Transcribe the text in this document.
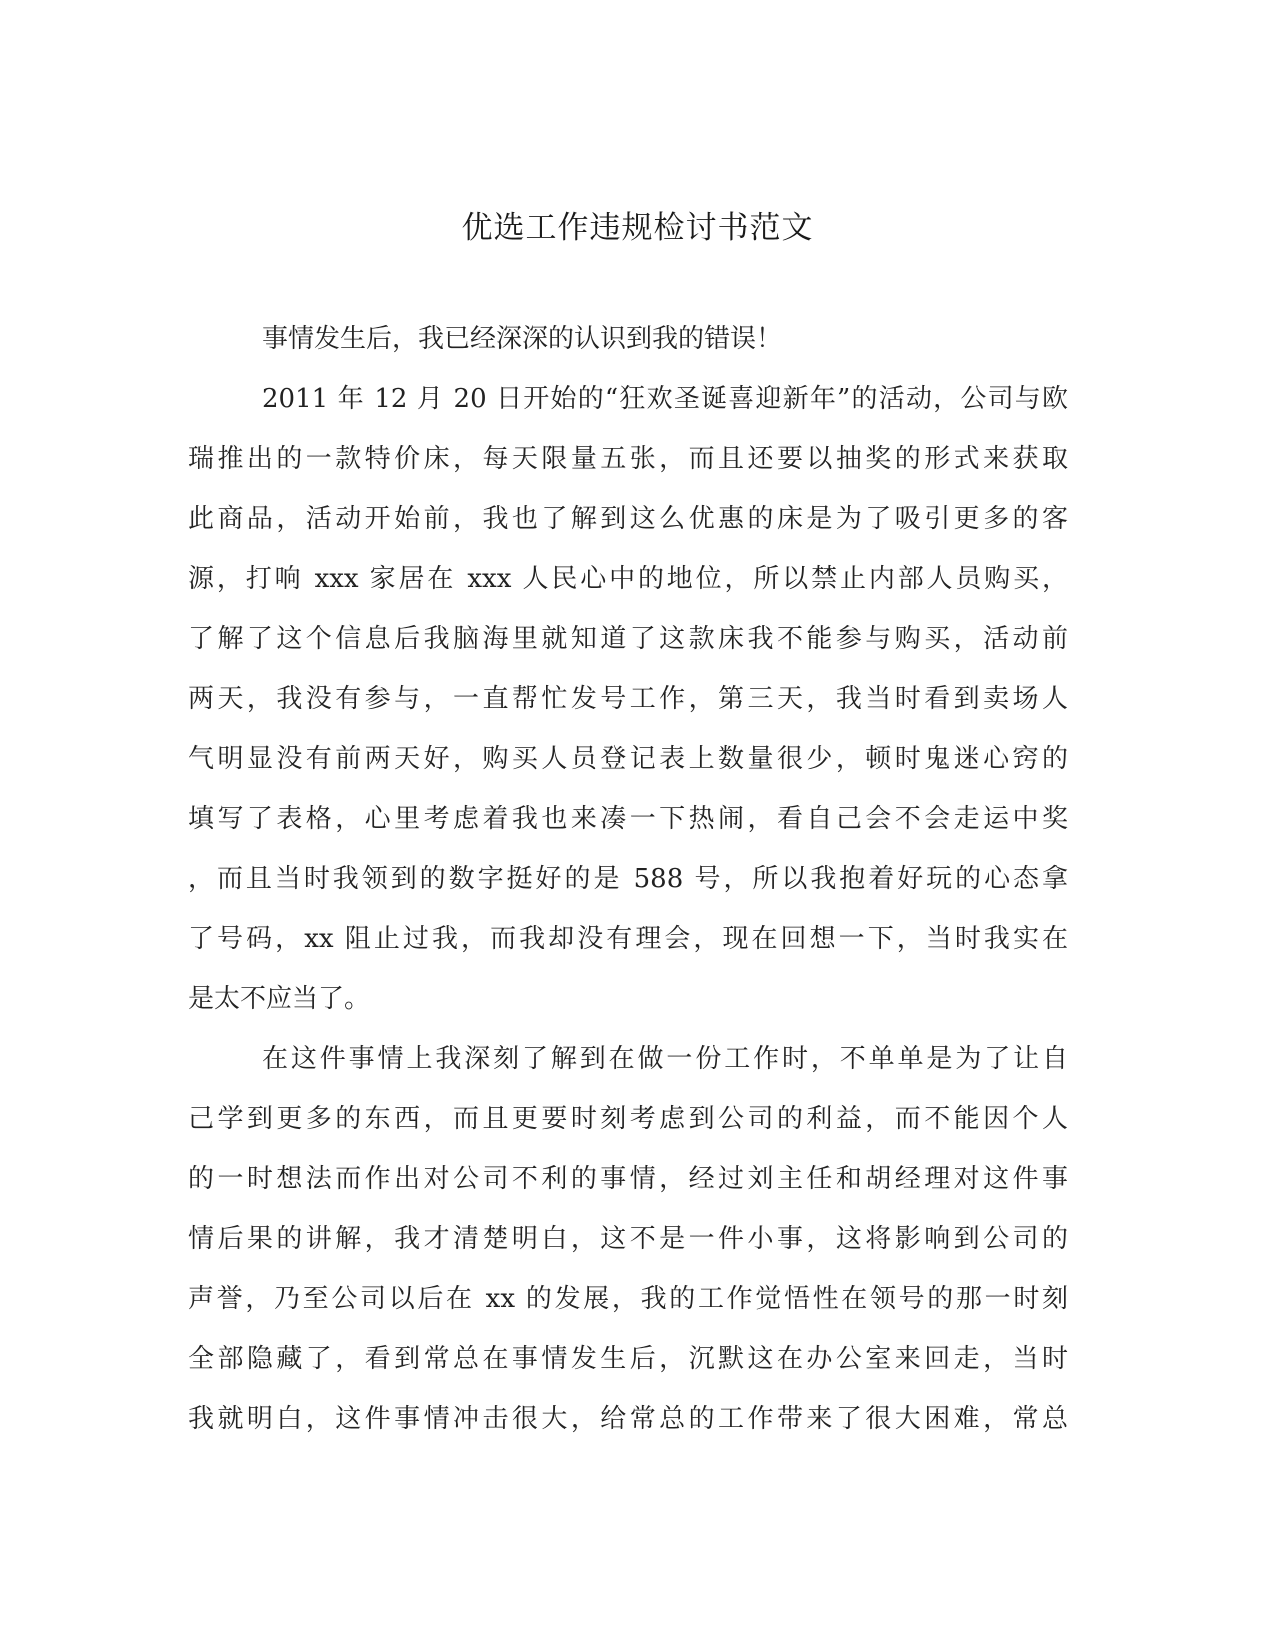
优选工作违规检讨书范文
事情发生后，我已经深深的认识到我的错误！
2011 年 12 月 20 日开始的“狂欢圣诞喜迎新年”的活动，公司与欧
瑞推出的一款特价床，每天限量五张，而且还要以抽奖的形式来获取
此商品，活动开始前，我也了解到这么优惠的床是为了吸引更多的客
源，打响 xxx 家居在 xxx 人民心中的地位，所以禁止内部人员购买，
了解了这个信息后我脑海里就知道了这款床我不能参与购买，活动前
两天，我没有参与，一直帮忙发号工作，第三天，我当时看到卖场人
气明显没有前两天好，购买人员登记表上数量很少，顿时鬼迷心窍的
填写了表格，心里考虑着我也来凑一下热闹，看自己会不会走运中奖
，而且当时我领到的数字挺好的是 588 号，所以我抱着好玩的心态拿
了号码，xx 阻止过我，而我却没有理会，现在回想一下，当时我实在
是太不应当了。
在这件事情上我深刻了解到在做一份工作时，不单单是为了让自
己学到更多的东西，而且更要时刻考虑到公司的利益，而不能因个人
的一时想法而作出对公司不利的事情，经过刘主任和胡经理对这件事
情后果的讲解，我才清楚明白，这不是一件小事，这将影响到公司的
声誉，乃至公司以后在 xx 的发展，我的工作觉悟性在领号的那一时刻
全部隐藏了，看到常总在事情发生后，沉默这在办公室来回走，当时
我就明白，这件事情冲击很大，给常总的工作带来了很大困难，常总
